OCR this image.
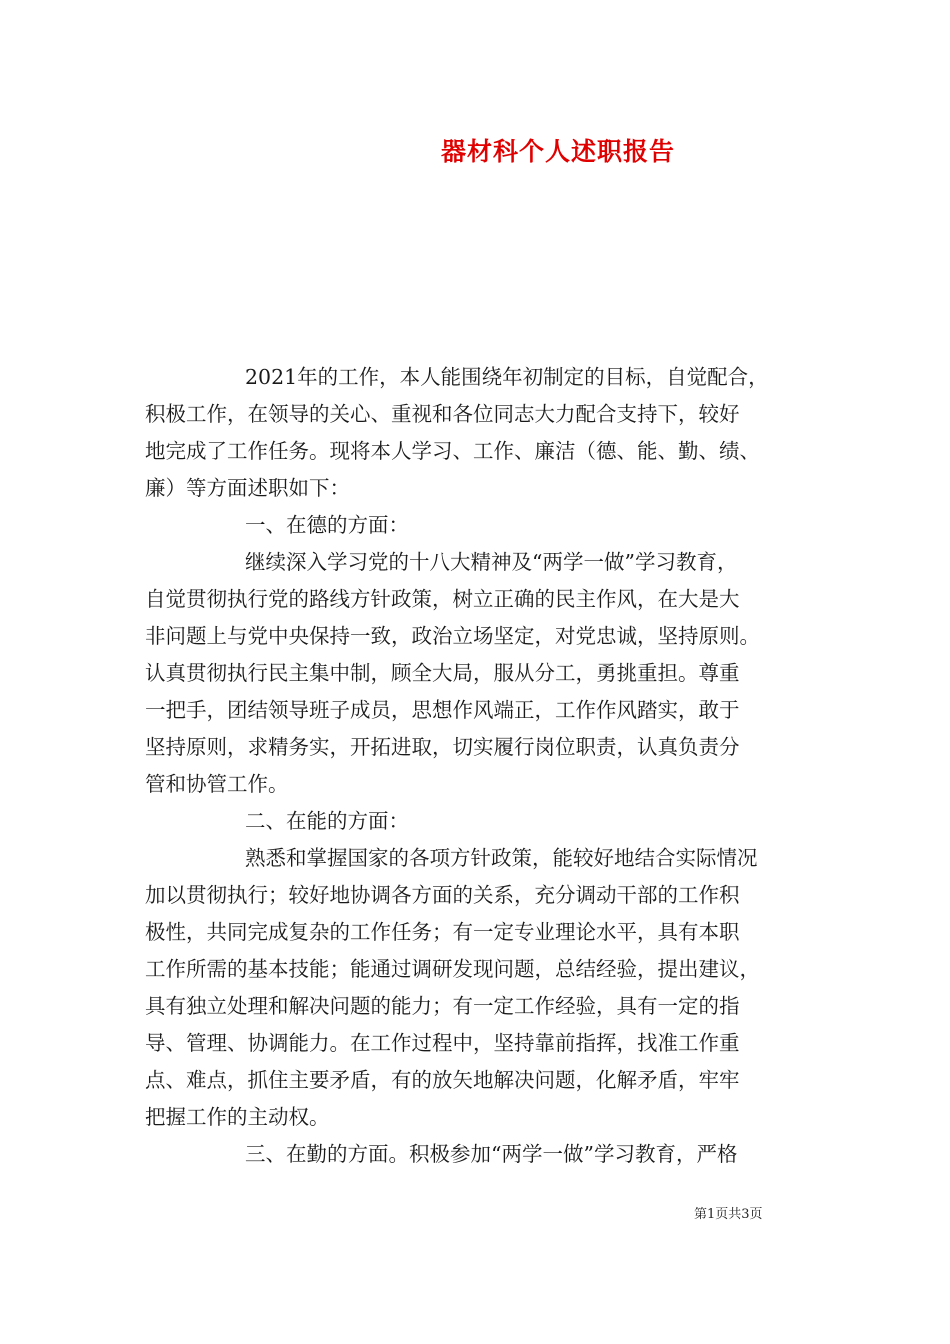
器材科个人述职报告
2021年的工作，本人能围绕年初制定的目标，自觉配合，
积极工作，在领导的关心、重视和各位同志大力配合支持下，较好
地完成了工作任务。现将本人学习、工作、廉洁（德、能、勤、绩、
廉）等方面述职如下：
一、在德的方面：
继续深入学习党的十八大精神及“两学一做”学习教育，
自觉贯彻执行党的路线方针政策，树立正确的民主作风，在大是大
非问题上与党中央保持一致，政治立场坚定，对党忠诚，坚持原则。
认真贯彻执行民主集中制，顾全大局，服从分工，勇挑重担。尊重
一把手，团结领导班子成员，思想作风端正，工作作风踏实，敢于
坚持原则，求精务实，开拓进取，切实履行岗位职责，认真负责分
管和协管工作。
二、在能的方面：
熟悉和掌握国家的各项方针政策，能较好地结合实际情况
加以贯彻执行；较好地协调各方面的关系，充分调动干部的工作积
极性，共同完成复杂的工作任务；有一定专业理论水平，具有本职
工作所需的基本技能；能通过调研发现问题，总结经验，提出建议，
具有独立处理和解决问题的能力；有一定工作经验，具有一定的指
导、管理、协调能力。在工作过程中，坚持靠前指挥，找准工作重
点、难点，抓住主要矛盾，有的放矢地解决问题，化解矛盾，牢牢
把握工作的主动权。
三、在勤的方面。积极参加“两学一做”学习教育，严格
第1页共3页
